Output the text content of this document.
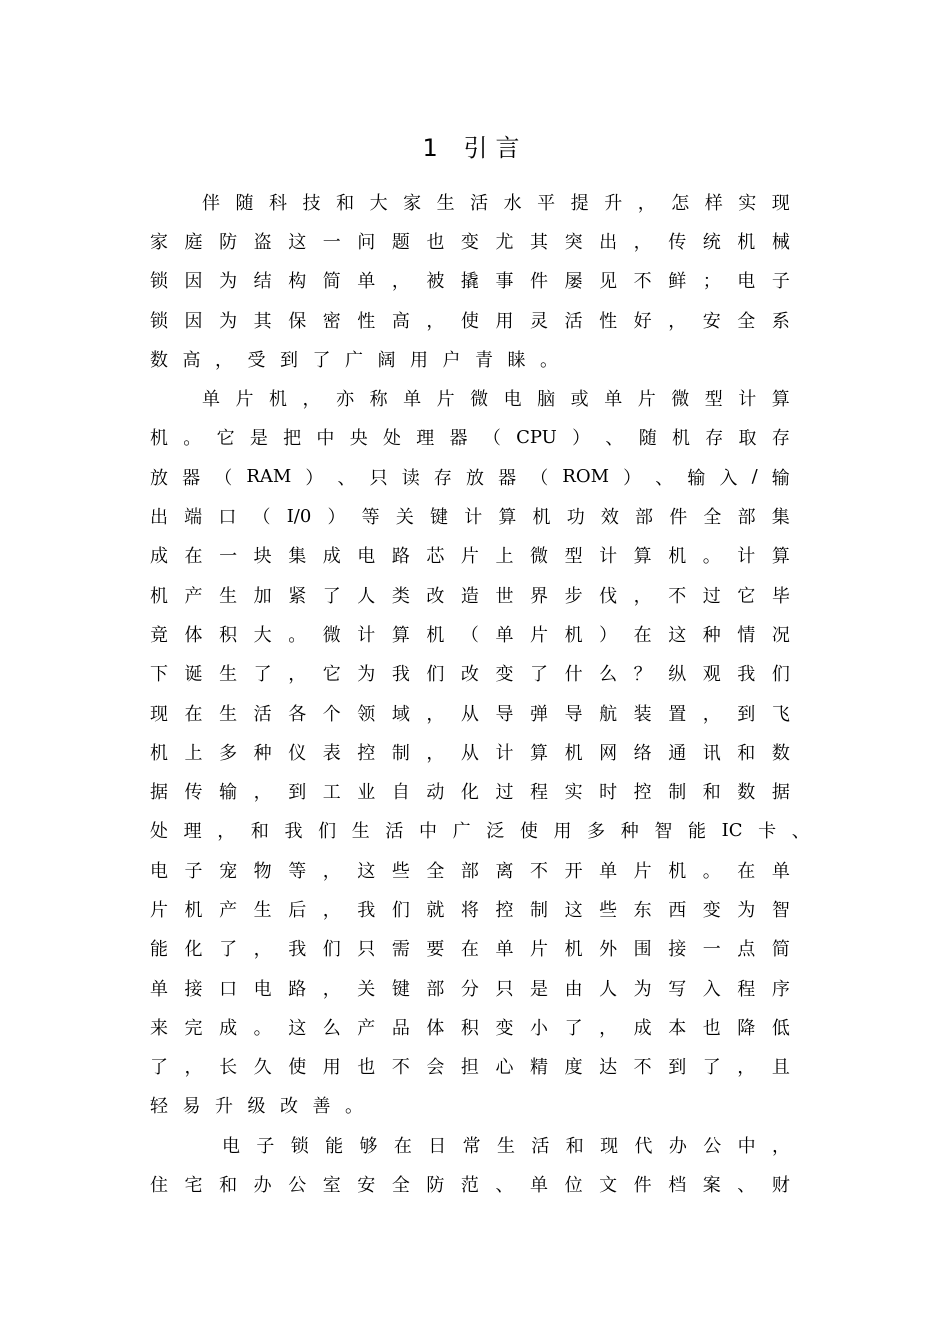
1 引言
伴 随 科 技 和 大 家 生 活 水 平 提 升 ， 怎 样 实 现
家 庭 防 盗 这 一 问 题 也 变 尤 其 突 出 ， 传 统 机 械
锁 因 为 结 构 简 单 ， 被 撬 事 件 屡 见 不 鲜 ； 电 子
锁 因 为 其 保 密 性 高 ， 使 用 灵 活 性 好 ， 安 全 系
数 高 ， 受 到 了 广 阔 用 户 青 睐 。
单 片 机 ， 亦 称 单 片 微 电 脑 或 单 片 微 型 计 算
机 。 它 是 把 中 央 处 理 器 （ CPU ） 、 随 机 存 取 存
放 器 （ RAM ） 、 只 读 存 放 器 （ ROM ） 、 输 入 / 输
出 端 口 （ I/0 ） 等 关 键 计 算 机 功 效 部 件 全 部 集
成 在 一 块 集 成 电 路 芯 片 上 微 型 计 算 机 。 计 算
机 产 生 加 紧 了 人 类 改 造 世 界 步 伐 ， 不 过 它 毕
竟 体 积 大 。 微 计 算 机 （ 单 片 机 ） 在 这 种 情 况
下 诞 生 了 ， 它 为 我 们 改 变 了 什 么 ？ 纵 观 我 们
现 在 生 活 各 个 领 域 ， 从 导 弹 导 航 装 置 ， 到 飞
机 上 多 种 仪 表 控 制 ， 从 计 算 机 网 络 通 讯 和 数
据 传 输 ， 到 工 业 自 动 化 过 程 实 时 控 制 和 数 据
处 理 ， 和 我 们 生 活 中 广 泛 使 用 多 种 智 能 IC 卡 、
电 子 宠 物 等 ， 这 些 全 部 离 不 开 单 片 机 。 在 单
片 机 产 生 后 ， 我 们 就 将 控 制 这 些 东 西 变 为 智
能 化 了 ， 我 们 只 需 要 在 单 片 机 外 围 接 一 点 简
单 接 口 电 路 ， 关 键 部 分 只 是 由 人 为 写 入 程 序
来 完 成 。 这 么 产 品 体 积 变 小 了 ， 成 本 也 降 低
了 ， 长 久 使 用 也 不 会 担 心 精 度 达 不 到 了 ， 且
轻 易 升 级 改 善 。
电 子 锁 能 够 在 日 常 生 活 和 现 代 办 公 中 ，
住 宅 和 办 公 室 安 全 防 范 、 单 位 文 件 档 案 、 财
